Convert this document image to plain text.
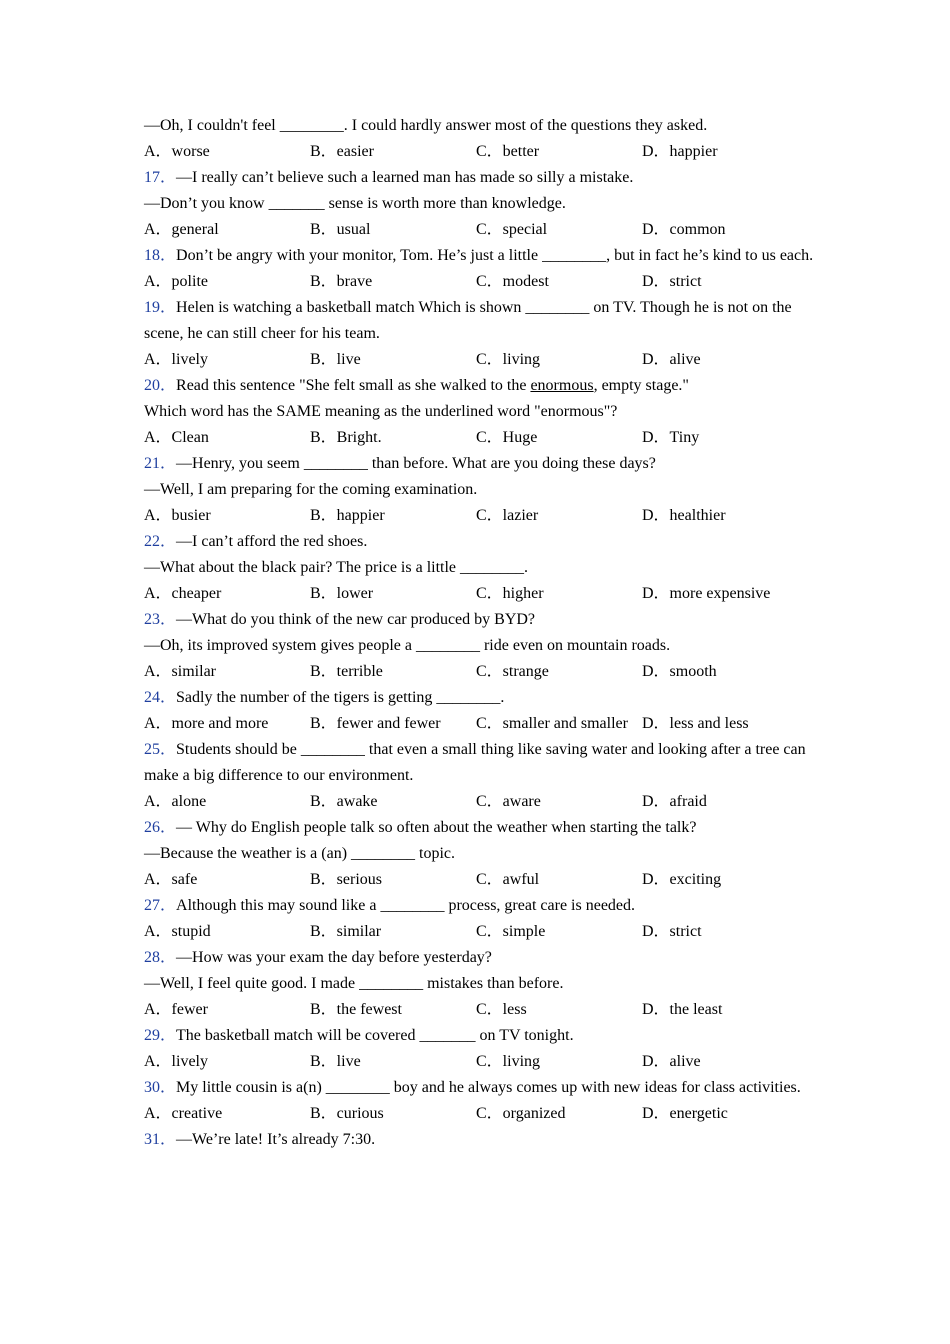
—Oh, I couldn't feel ________. I could hardly answer most of the questions they asked.
A．worse	B．easier	C．better	D．happier
17．—I really can’t believe such a learned man has made so silly a mistake.
—Don’t you know _______ sense is worth more than knowledge.
A．general	B．usual	C．special	D．common
18．Don’t be angry with your monitor, Tom. He’s just a little ________, but in fact he’s kind to us each.
A．polite	B．brave	C．modest	D．strict
19．Helen is watching a basketball match Which is shown ________ on TV. Though he is not on the scene, he can still cheer for his team.
A．lively	B．live	C．living	D．alive
20．Read this sentence "She felt small as she walked to the enormous, empty stage."
Which word has the SAME meaning as the underlined word "enormous"?
A．Clean	B．Bright.	C．Huge	D．Tiny
21．—Henry, you seem ________ than before. What are you doing these days?
—Well, I am preparing for the coming examination.
A．busier	B．happier	C．lazier	D．healthier
22．—I can’t afford the red shoes.
—What about the black pair? The price is a little ________.
A．cheaper	B．lower	C．higher	D．more expensive
23．—What do you think of the new car produced by BYD?
—Oh, its improved system gives people a ________ ride even on mountain roads.
A．similar	B．terrible	C．strange	D．smooth
24．Sadly the number of the tigers is getting ________.
A．more and more	B．fewer and fewer	C．smaller and smaller D．less and less
25．Students should be ________ that even a small thing like saving water and looking after a tree can make a big difference to our environment.
A．alone	B．awake	C．aware	D．afraid
26．— Why do English people talk so often about the weather when starting the talk?
—Because the weather is a (an) ________ topic.
A．safe	B．serious	C．awful	D．exciting
27．Although this may sound like a ________ process, great care is needed.
A．stupid	B．similar	C．simple	D．strict
28．—How was your exam the day before yesterday?
—Well, I feel quite good. I made ________ mistakes than before.
A．fewer	B．the fewest	C．less	D．the least
29．The basketball match will be covered _______ on TV tonight.
A．lively	B．live	C．living	D．alive
30．My little cousin is a(n) ________ boy and he always comes up with new ideas for class activities.
A．creative	B．curious	C．organized	D．energetic
31．—We’re late! It’s already 7:30.
